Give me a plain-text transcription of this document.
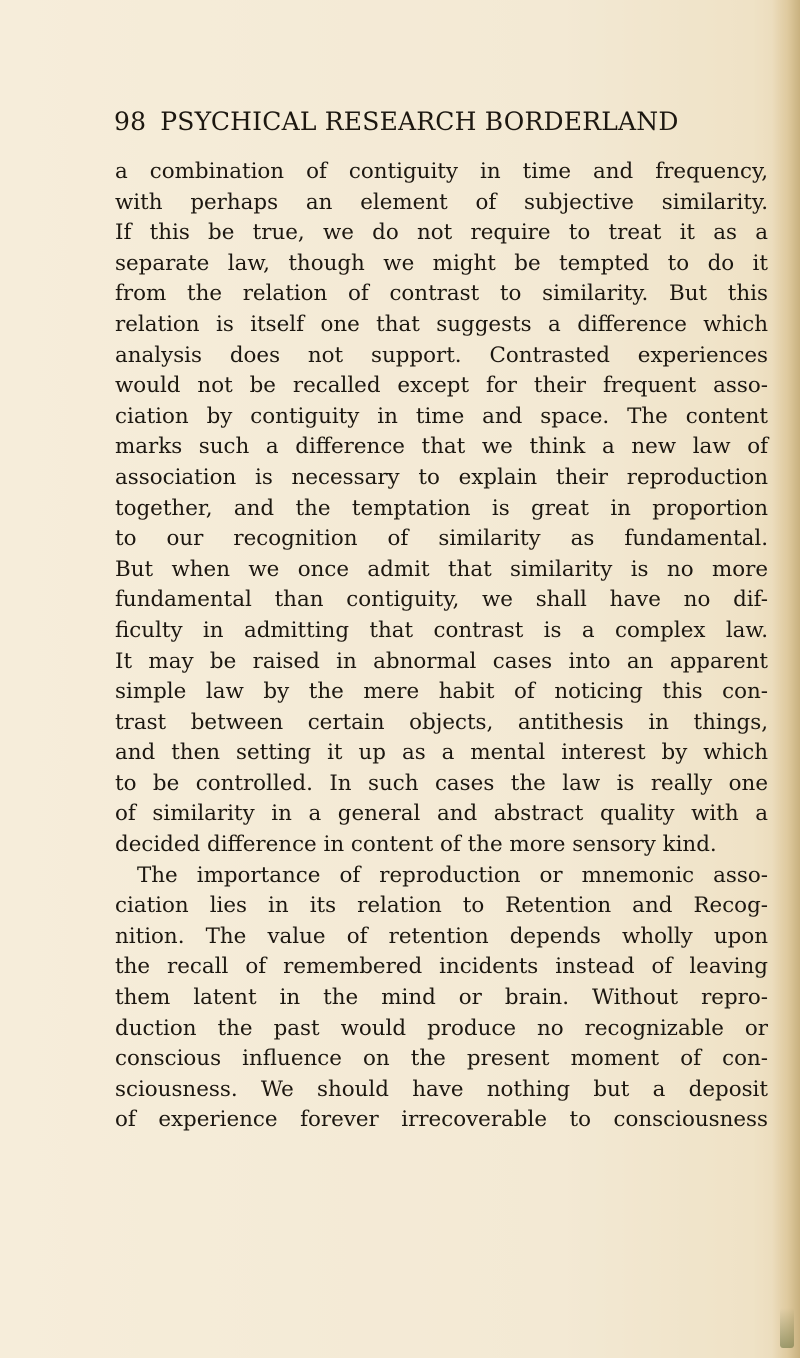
98 PSYCHICAL RESEARCH BORDERLAND
a combination of contiguity in time and frequency,
with perhaps an element of subjective similarity.
If this be true, we do not require to treat it as a
separate law, though we might be tempted to do it
from the relation of contrast to similarity. But this
relation is itself one that suggests a difference which
analysis does not support. Contrasted experiences
would not be recalled except for their frequent asso-
ciation by contiguity in time and space. The content
marks such a difference that we think a new law of
association is necessary to explain their reproduction
together, and the temptation is great in proportion
to our recognition of similarity as fundamental.
But when we once admit that similarity is no more
fundamental than contiguity, we shall have no dif-
ficulty in admitting that contrast is a complex law.
It may be raised in abnormal cases into an apparent
simple law by the mere habit of noticing this con-
trast between certain objects, antithesis in things,
and then setting it up as a mental interest by which
to be controlled. In such cases the law is really one
of similarity in a general and abstract quality with a
decided difference in content of the more sensory kind.
The importance of reproduction or mnemonic asso-
ciation lies in its relation to Retention and Recog-
nition. The value of retention depends wholly upon
the recall of remembered incidents instead of leaving
them latent in the mind or brain. Without repro-
duction the past would produce no recognizable or
conscious influence on the present moment of con-
sciousness. We should have nothing but a deposit
of experience forever irrecoverable to consciousness
